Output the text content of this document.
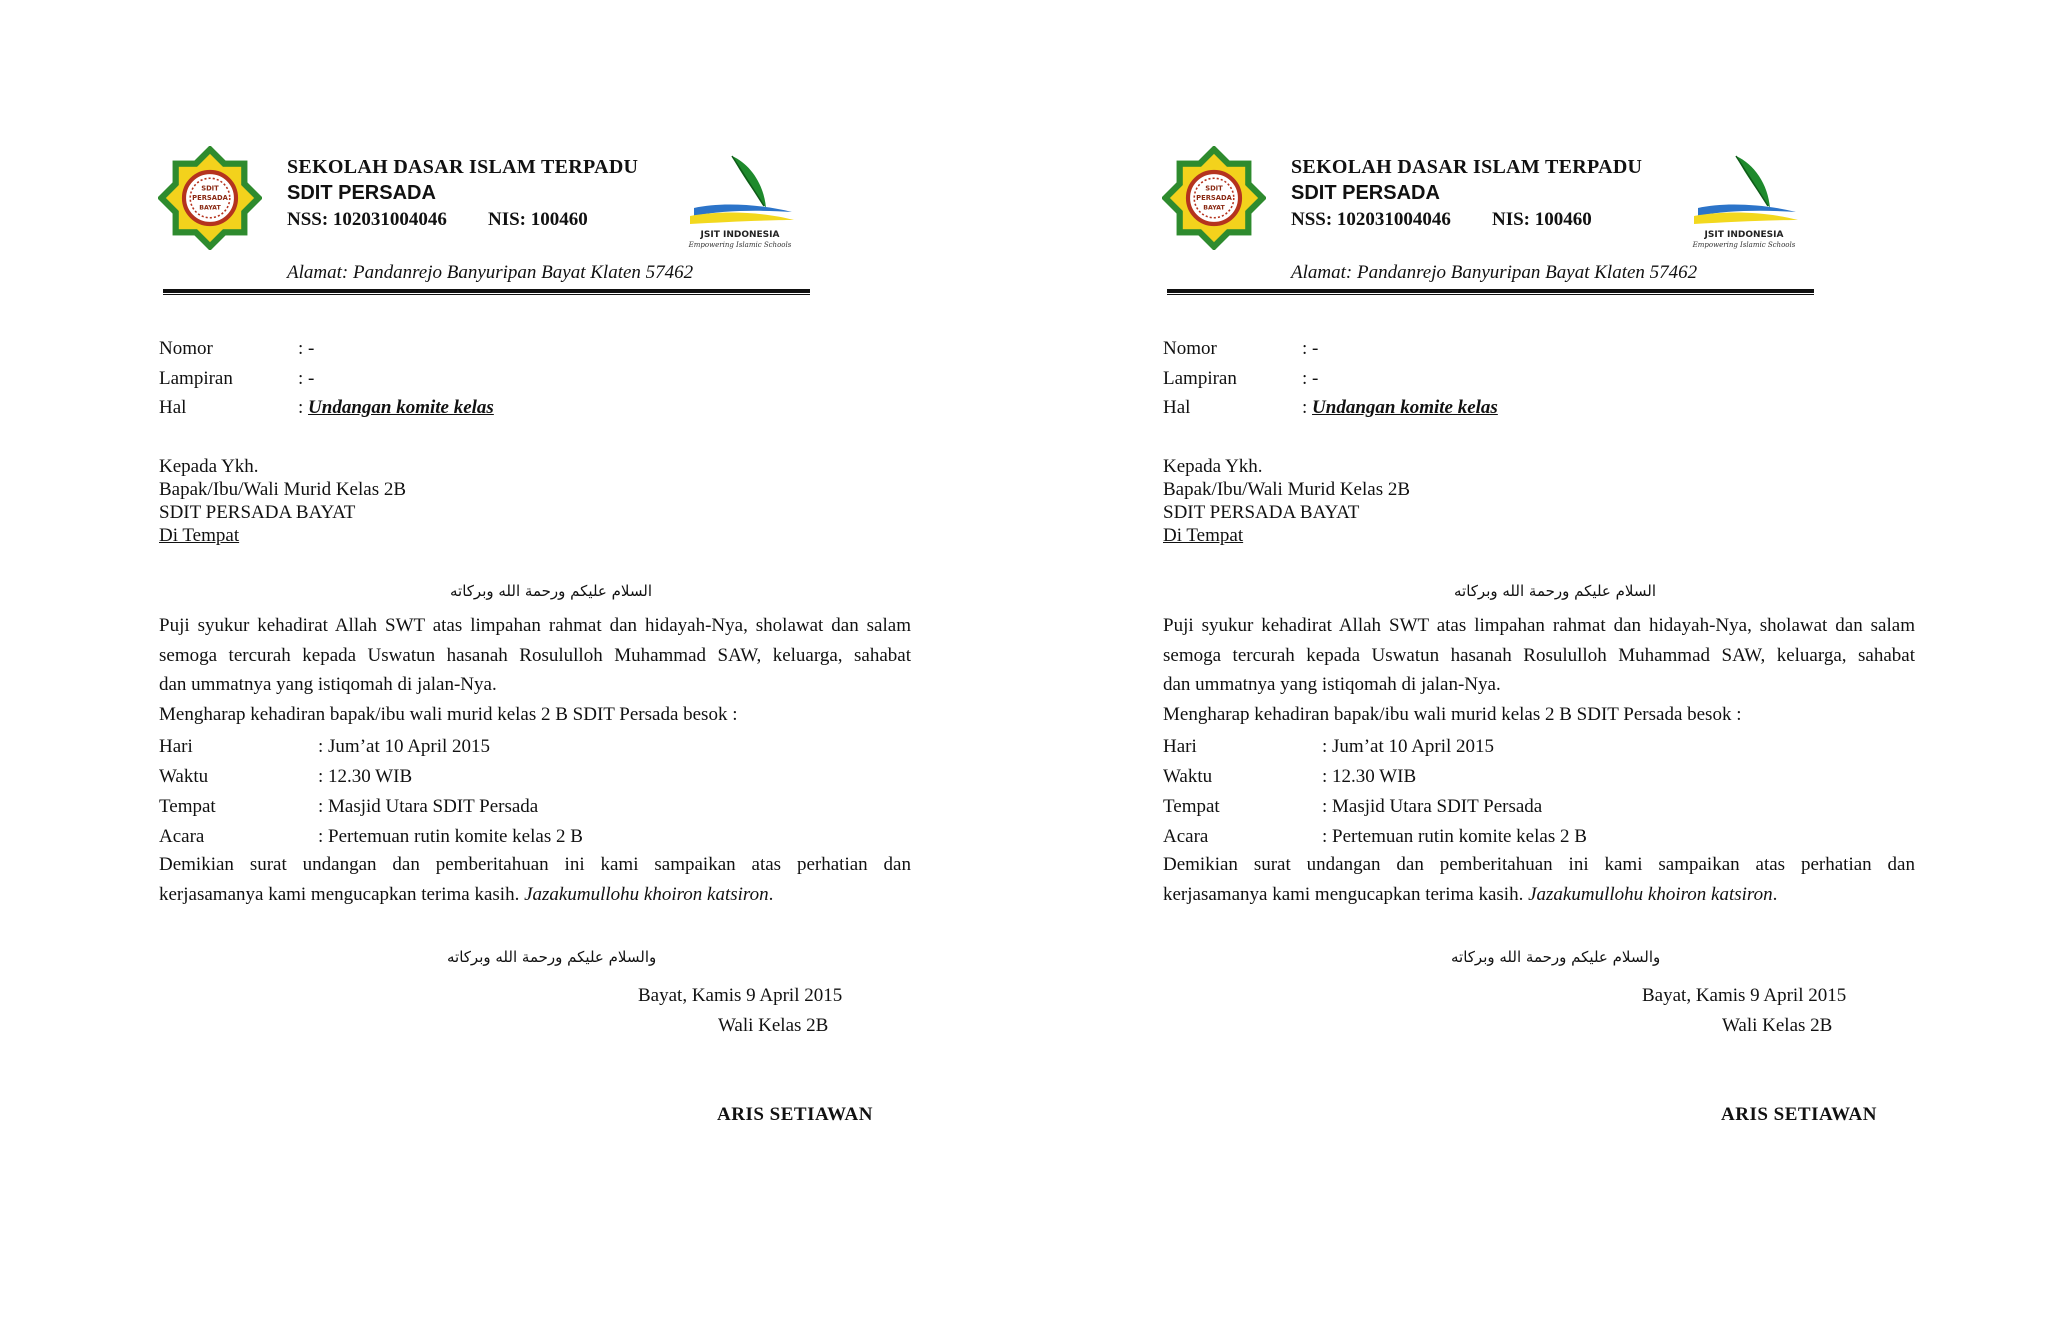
SDIT
PERSADA
BAYAT
SEKOLAH DASAR ISLAM TERPADU
SDIT PERSADA
NSS: 102031004046 NIS: 100460
JSIT INDONESIA
Empowering Islamic Schools
Alamat: Pandanrejo Banyuripan Bayat Klaten 57462
Nomor	: -
Lampiran	: -
Hal	: Undangan komite kelas
Kepada Ykh.
Bapak/Ibu/Wali Murid Kelas 2B
SDIT PERSADA BAYAT
Di Tempat
السلام عليكم ورحمة الله وبركاته
Puji syukur kehadirat Allah SWT atas limpahan rahmat dan hidayah-Nya, sholawat dan salam
semoga tercurah kepada Uswatun hasanah Rosululloh Muhammad SAW, keluarga, sahabat
dan ummatnya yang istiqomah di jalan-Nya.
Mengharap kehadiran bapak/ibu wali murid kelas 2 B SDIT Persada besok :
Hari	: Jum’at 10 April 2015
Waktu	: 12.30 WIB
Tempat	: Masjid Utara SDIT Persada
Acara	: Pertemuan rutin komite kelas 2 B
Demikian surat undangan dan pemberitahuan ini kami sampaikan atas perhatian dan
kerjasamanya kami mengucapkan terima kasih. Jazakumullohu khoiron katsiron.
والسلام عليكم ورحمة الله وبركاته
Bayat, Kamis 9 April 2015
Wali Kelas 2B
ARIS SETIAWAN
SDIT
PERSADA
BAYAT
SEKOLAH DASAR ISLAM TERPADU
SDIT PERSADA
NSS: 102031004046 NIS: 100460
JSIT INDONESIA
Empowering Islamic Schools
Alamat: Pandanrejo Banyuripan Bayat Klaten 57462
Nomor	: -
Lampiran	: -
Hal	: Undangan komite kelas
Kepada Ykh.
Bapak/Ibu/Wali Murid Kelas 2B
SDIT PERSADA BAYAT
Di Tempat
السلام عليكم ورحمة الله وبركاته
Puji syukur kehadirat Allah SWT atas limpahan rahmat dan hidayah-Nya, sholawat dan salam
semoga tercurah kepada Uswatun hasanah Rosululloh Muhammad SAW, keluarga, sahabat
dan ummatnya yang istiqomah di jalan-Nya.
Mengharap kehadiran bapak/ibu wali murid kelas 2 B SDIT Persada besok :
Hari	: Jum’at 10 April 2015
Waktu	: 12.30 WIB
Tempat	: Masjid Utara SDIT Persada
Acara	: Pertemuan rutin komite kelas 2 B
Demikian surat undangan dan pemberitahuan ini kami sampaikan atas perhatian dan
kerjasamanya kami mengucapkan terima kasih. Jazakumullohu khoiron katsiron.
والسلام عليكم ورحمة الله وبركاته
Bayat, Kamis 9 April 2015
Wali Kelas 2B
ARIS SETIAWAN
